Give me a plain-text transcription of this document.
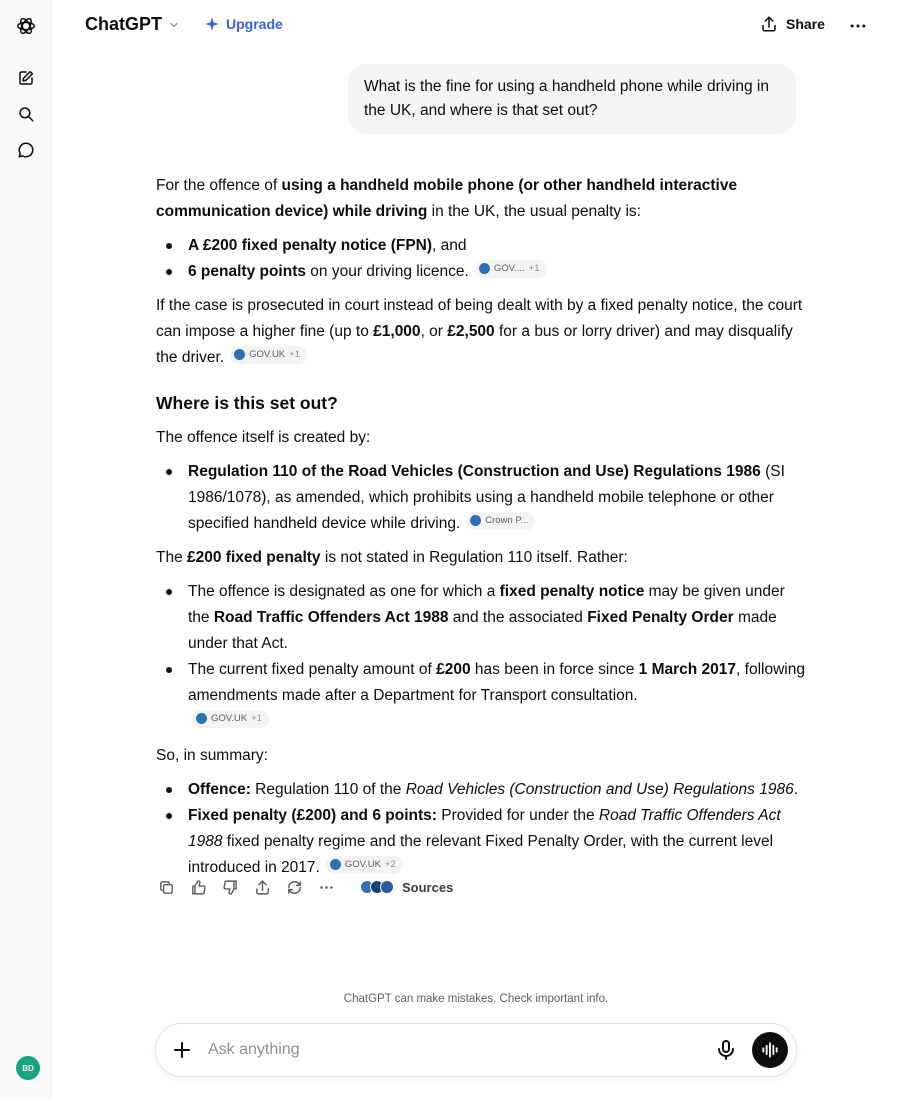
BD
ChatGPT	Upgrade	Share
What is the fine for using a handheld phone while driving in the UK, and where is that set out?

For the offence of using a handheld mobile phone (or other handheld interactive communication device) while driving in the UK, the usual penalty is:

A £200 fixed penalty notice (FPN), and
6 penalty points on your driving licence.	GOV.... +1

If the case is prosecuted in court instead of being dealt with by a fixed penalty notice, the court can impose a higher fine (up to £1,000, or £2,500 for a bus or lorry driver) and may disqualify the driver.	GOV.UK +1

Where is this set out?

The offence itself is created by:

Regulation 110 of the Road Vehicles (Construction and Use) Regulations 1986 (SI 1986/1078), as amended, which prohibits using a handheld mobile telephone or other specified handheld device while driving.	Crown P...

The £200 fixed penalty is not stated in Regulation 110 itself. Rather:

The offence is designated as one for which a fixed penalty notice may be given under the Road Traffic Offenders Act 1988 and the associated Fixed Penalty Order made under that Act.
The current fixed penalty amount of £200 has been in force since 1 March 2017, following amendments made after a Department for Transport consultation.

GOV.UK +1

So, in summary:

Offence: Regulation 110 of the Road Vehicles (Construction and Use) Regulations 1986.
Fixed penalty (£200) and 6 points: Provided for under the Road Traffic Offenders Act 1988 fixed penalty regime and the relevant Fixed Penalty Order, with the current level introduced in 2017.	GOV.UK +2
Sources
ChatGPT can make mistakes. Check important info.
Ask anything
